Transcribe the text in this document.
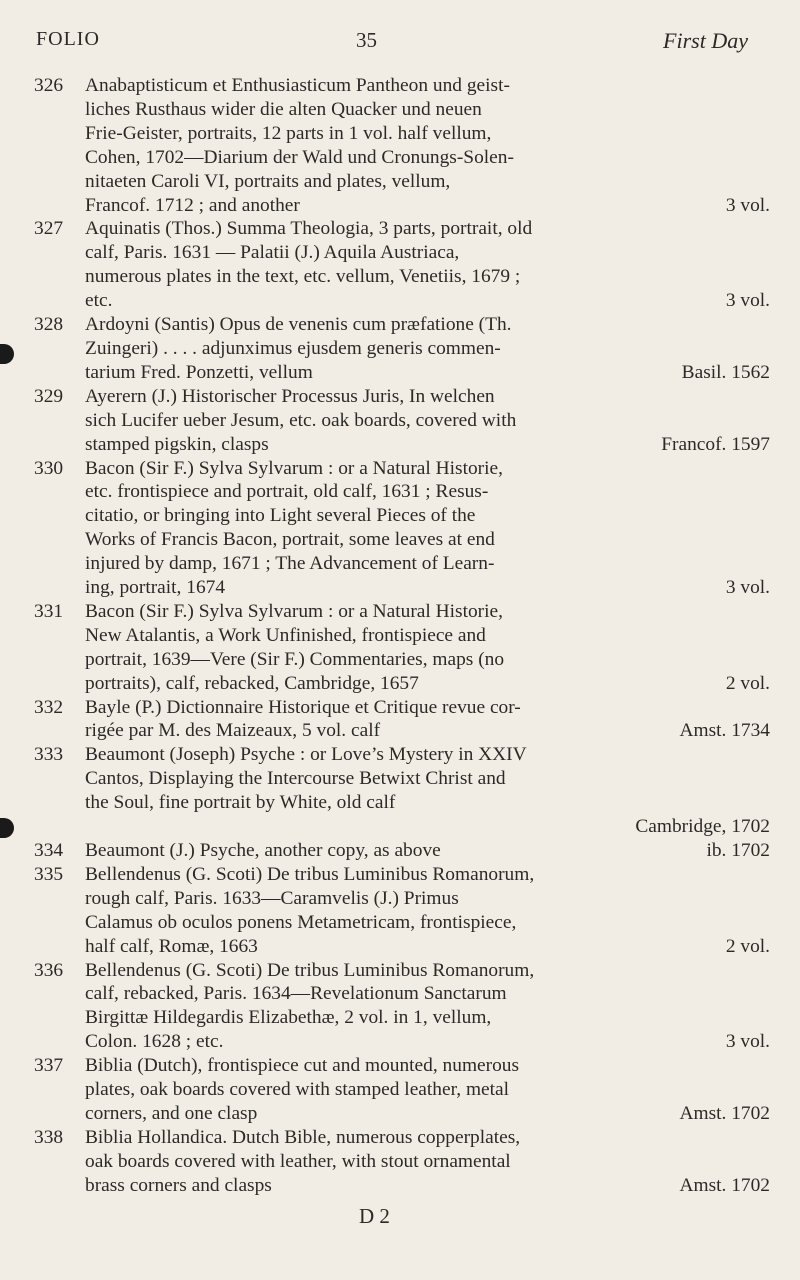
FOLIO	35	First Day
326 Anabaptisticum et Enthusiasticum Pantheon und geist-
liches Rusthaus wider die alten Quacker und neuen
Frie-Geister, portraits, 12 parts in 1 vol. half vellum,
Cohen, 1702—Diarium der Wald und Cronungs-Solen-
nitaeten Caroli VI, portraits and plates, vellum,
Francof. 1712 ; and another	3 vol.
327 Aquinatis (Thos.) Summa Theologia, 3 parts, portrait, old
calf, Paris. 1631 — Palatii (J.) Aquila Austriaca,
numerous plates in the text, etc. vellum, Venetiis, 1679 ;
etc.	3 vol.
328 Ardoyni (Santis) Opus de venenis cum præfatione (Th.
Zuingeri) . . . . adjunximus ejusdem generis commen-
tarium Fred. Ponzetti, vellum	Basil. 1562
329 Ayerern (J.) Historischer Processus Juris, In welchen
sich Lucifer ueber Jesum, etc. oak boards, covered with
stamped pigskin, clasps	Francof. 1597
330 Bacon (Sir F.) Sylva Sylvarum : or a Natural Historie,
etc. frontispiece and portrait, old calf, 1631 ; Resus-
citatio, or bringing into Light several Pieces of the
Works of Francis Bacon, portrait, some leaves at end
injured by damp, 1671 ; The Advancement of Learn-
ing, portrait, 1674	3 vol.
331 Bacon (Sir F.) Sylva Sylvarum : or a Natural Historie,
New Atalantis, a Work Unfinished, frontispiece and
portrait, 1639—Vere (Sir F.) Commentaries, maps (no
portraits), calf, rebacked, Cambridge, 1657	2 vol.
332 Bayle (P.) Dictionnaire Historique et Critique revue cor-
rigée par M. des Maizeaux, 5 vol. calf	Amst. 1734
333 Beaumont (Joseph) Psyche : or Love’s Mystery in XXIV
Cantos, Displaying the Intercourse Betwixt Christ and
the Soul, fine portrait by White, old calf
Cambridge, 1702
334 Beaumont (J.) Psyche, another copy, as above	ib. 1702
335 Bellendenus (G. Scoti) De tribus Luminibus Romanorum,
rough calf, Paris. 1633—Caramvelis (J.) Primus
Calamus ob oculos ponens Metametricam, frontispiece,
half calf, Romæ, 1663	2 vol.
336 Bellendenus (G. Scoti) De tribus Luminibus Romanorum,
calf, rebacked, Paris. 1634—Revelationum Sanctarum
Birgittæ Hildegardis Elizabethæ, 2 vol. in 1, vellum,
Colon. 1628 ; etc.	3 vol.
337 Biblia (Dutch), frontispiece cut and mounted, numerous
plates, oak boards covered with stamped leather, metal
corners, and one clasp	Amst. 1702
338 Biblia Hollandica. Dutch Bible, numerous copperplates,
oak boards covered with leather, with stout ornamental
brass corners and clasps	Amst. 1702
D 2
